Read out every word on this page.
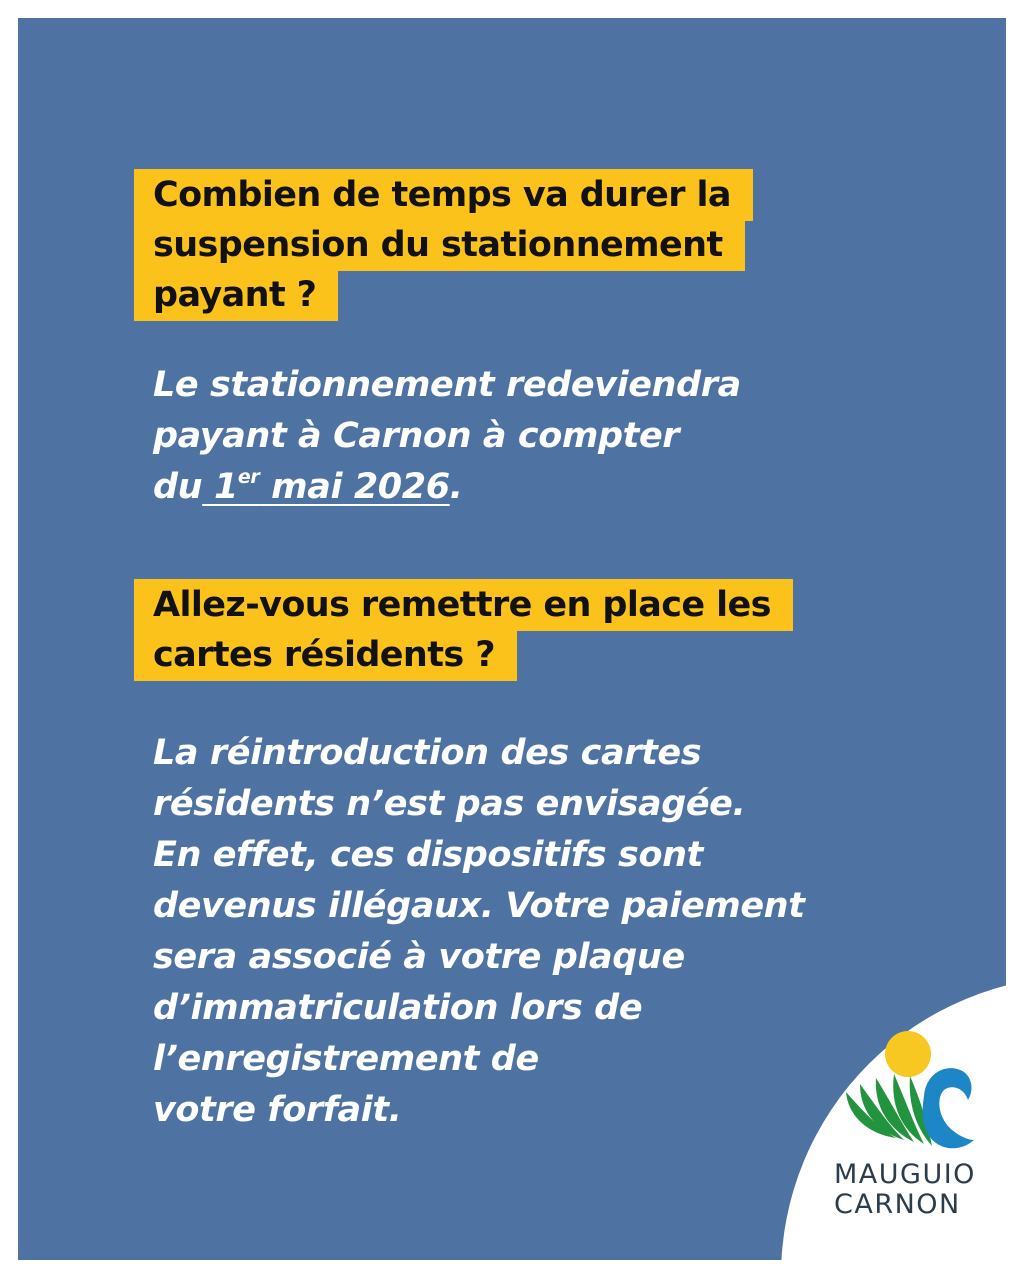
Combien de temps va durer la
suspension du stationnement
payant ?

Le stationnement redeviendra
payant à Carnon à compter
du 1er mai 2026.

Allez-vous remettre en place les
cartes résidents ?

La réintroduction des cartes
résidents n’est pas envisagée.
En effet, ces dispositifs sont
devenus illégaux. Votre paiement
sera associé à votre plaque
d’immatriculation lors de
l’enregistrement de
votre forfait.

MAUGUIO
CARNON
